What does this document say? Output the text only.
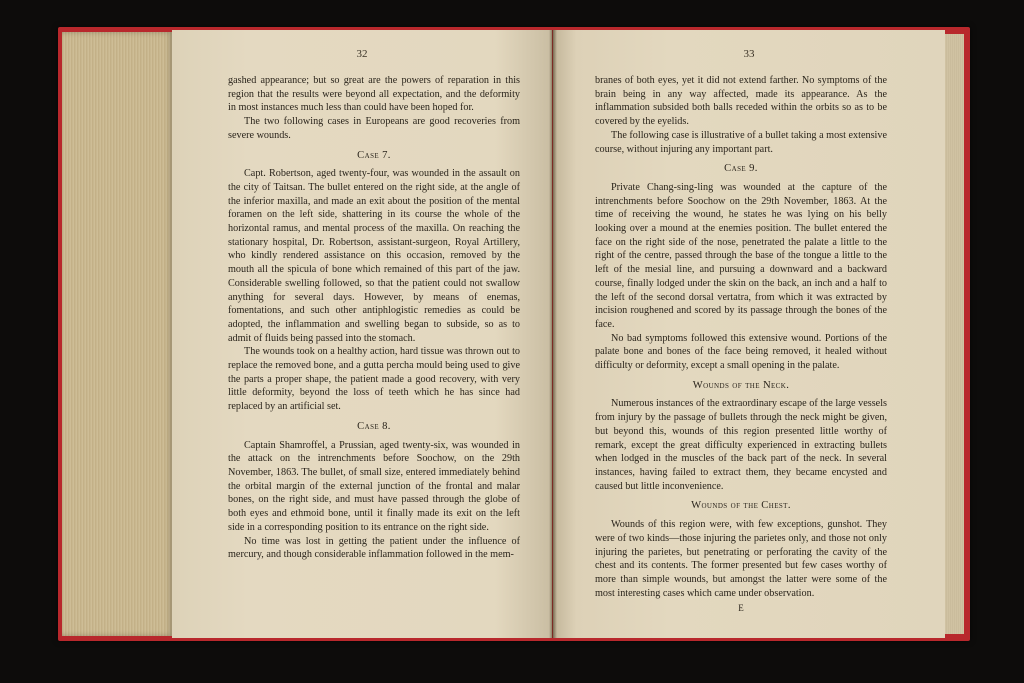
32

gashed appearance; but so great are the powers of reparation in this region that the results were beyond all expectation, and the deformity in most instances much less than could have been hoped for.

The two following cases in Europeans are good recoveries from severe wounds.

Case 7.

Capt. Robertson, aged twenty-four, was wounded in the assault on the city of Taitsan. The bullet entered on the right side, at the angle of the inferior maxilla, and made an exit about the position of the mental foramen on the left side, shattering in its course the whole of the horizontal ramus, and mental process of the maxilla. On reaching the stationary hospital, Dr. Robertson, assistant-surgeon, Royal Artillery, who kindly rendered assistance on this occasion, removed by the mouth all the spicula of bone which remained of this part of the jaw. Considerable swelling followed, so that the patient could not swallow anything for several days. However, by means of enemas, fomentations, and such other antiphlogistic remedies as could be adopted, the inflammation and swelling began to subside, so as to admit of fluids being passed into the stomach.

The wounds took on a healthy action, hard tissue was thrown out to replace the removed bone, and a gutta percha mould being used to give the parts a proper shape, the patient made a good recovery, with very little deformity, beyond the loss of teeth which he has since had replaced by an artificial set.

Case 8.

Captain Shamroffel, a Prussian, aged twenty-six, was wounded in the attack on the intrenchments before Soochow, on the 29th November, 1863. The bullet, of small size, entered immediately behind the orbital margin of the external junction of the frontal and malar bones, on the right side, and must have passed through the globe of both eyes and ethmoid bone, until it finally made its exit on the left side in a corresponding position to its entrance on the right side.

No time was lost in getting the patient under the influence of mercury, and though considerable inflammation followed in the mem-

33

branes of both eyes, yet it did not extend farther. No symptoms of the brain being in any way affected, made its appearance. As the inflammation subsided both balls receded within the orbits so as to be covered by the eyelids.

The following case is illustrative of a bullet taking a most extensive course, without injuring any important part.

Case 9.

Private Chang-sing-ling was wounded at the capture of the intrenchments before Soochow on the 29th November, 1863. At the time of receiving the wound, he states he was lying on his belly looking over a mound at the enemies position. The bullet entered the face on the right side of the nose, penetrated the palate a little to the right of the centre, passed through the base of the tongue a little to the left of the mesial line, and pursuing a downward and a backward course, finally lodged under the skin on the back, an inch and a half to the left of the second dorsal vertatra, from which it was extracted by incision roughened and scored by its passage through the bones of the face.

No bad symptoms followed this extensive wound. Portions of the palate bone and bones of the face being removed, it healed without difficulty or deformity, except a small opening in the palate.

Wounds of the Neck.

Numerous instances of the extraordinary escape of the large vessels from injury by the passage of bullets through the neck might be given, but beyond this, wounds of this region presented little worthy of remark, except the great difficulty experienced in extracting bullets when lodged in the muscles of the back part of the neck. In several instances, having failed to extract them, they became encysted and caused but little inconvenience.

Wounds of the Chest.

Wounds of this region were, with few exceptions, gunshot. They were of two kinds—those injuring the parietes only, and those not only injuring the parietes, but penetrating or perforating the cavity of the chest and its contents. The former presented but few cases worthy of more than simple wounds, but amongst the latter were some of the most interesting cases which came under observation.

E
